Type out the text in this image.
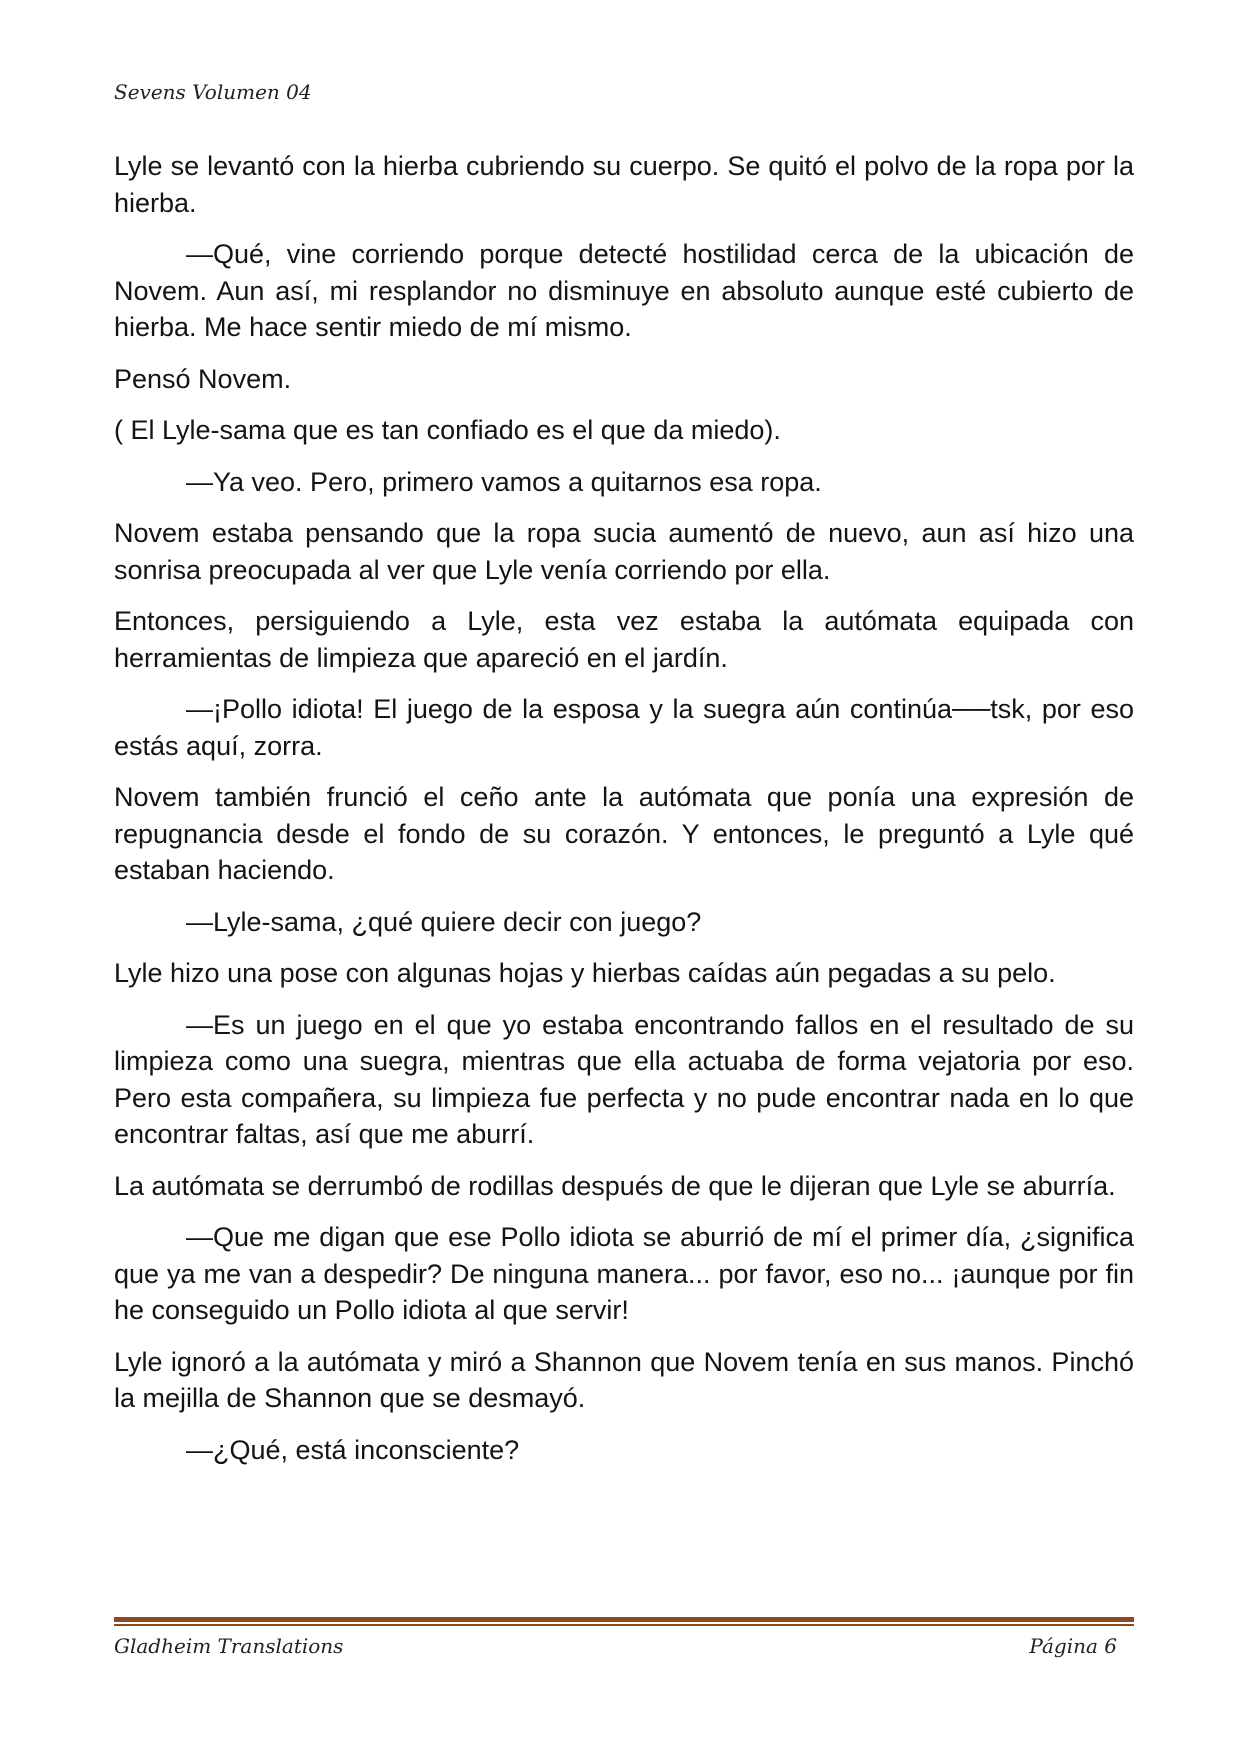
Sevens Volumen 04

Lyle se levantó con la hierba cubriendo su cuerpo. Se quitó el polvo de la ropa por la hierba.

—Qué, vine corriendo porque detecté hostilidad cerca de la ubicación de Novem. Aun así, mi resplandor no disminuye en absoluto aunque esté cubierto de hierba. Me hace sentir miedo de mí mismo.

Pensó Novem.

( El Lyle-sama que es tan confiado es el que da miedo).

—Ya veo. Pero, primero vamos a quitarnos esa ropa.

Novem estaba pensando que la ropa sucia aumentó de nuevo, aun así hizo una sonrisa preocupada al ver que Lyle venía corriendo por ella.

Entonces, persiguiendo a Lyle, esta vez estaba la autómata equipada con herramientas de limpieza que apareció en el jardín.

—¡Pollo idiota! El juego de la esposa y la suegra aún continúa──tsk, por eso estás aquí, zorra.

Novem también frunció el ceño ante la autómata que ponía una expresión de repugnancia desde el fondo de su corazón. Y entonces, le preguntó a Lyle qué estaban haciendo.

—Lyle-sama, ¿qué quiere decir con juego?

Lyle hizo una pose con algunas hojas y hierbas caídas aún pegadas a su pelo.

—Es un juego en el que yo estaba encontrando fallos en el resultado de su limpieza como una suegra, mientras que ella actuaba de forma vejatoria por eso. Pero esta compañera, su limpieza fue perfecta y no pude encontrar nada en lo que encontrar faltas, así que me aburrí.

La autómata se derrumbó de rodillas después de que le dijeran que Lyle se aburría.

—Que me digan que ese Pollo idiota se aburrió de mí el primer día, ¿significa que ya me van a despedir? De ninguna manera... por favor, eso no... ¡aunque por fin he conseguido un Pollo idiota al que servir!

Lyle ignoró a la autómata y miró a Shannon que Novem tenía en sus manos. Pinchó la mejilla de Shannon que se desmayó.

—¿Qué, está inconsciente?

Gladheim Translations	Página 6
